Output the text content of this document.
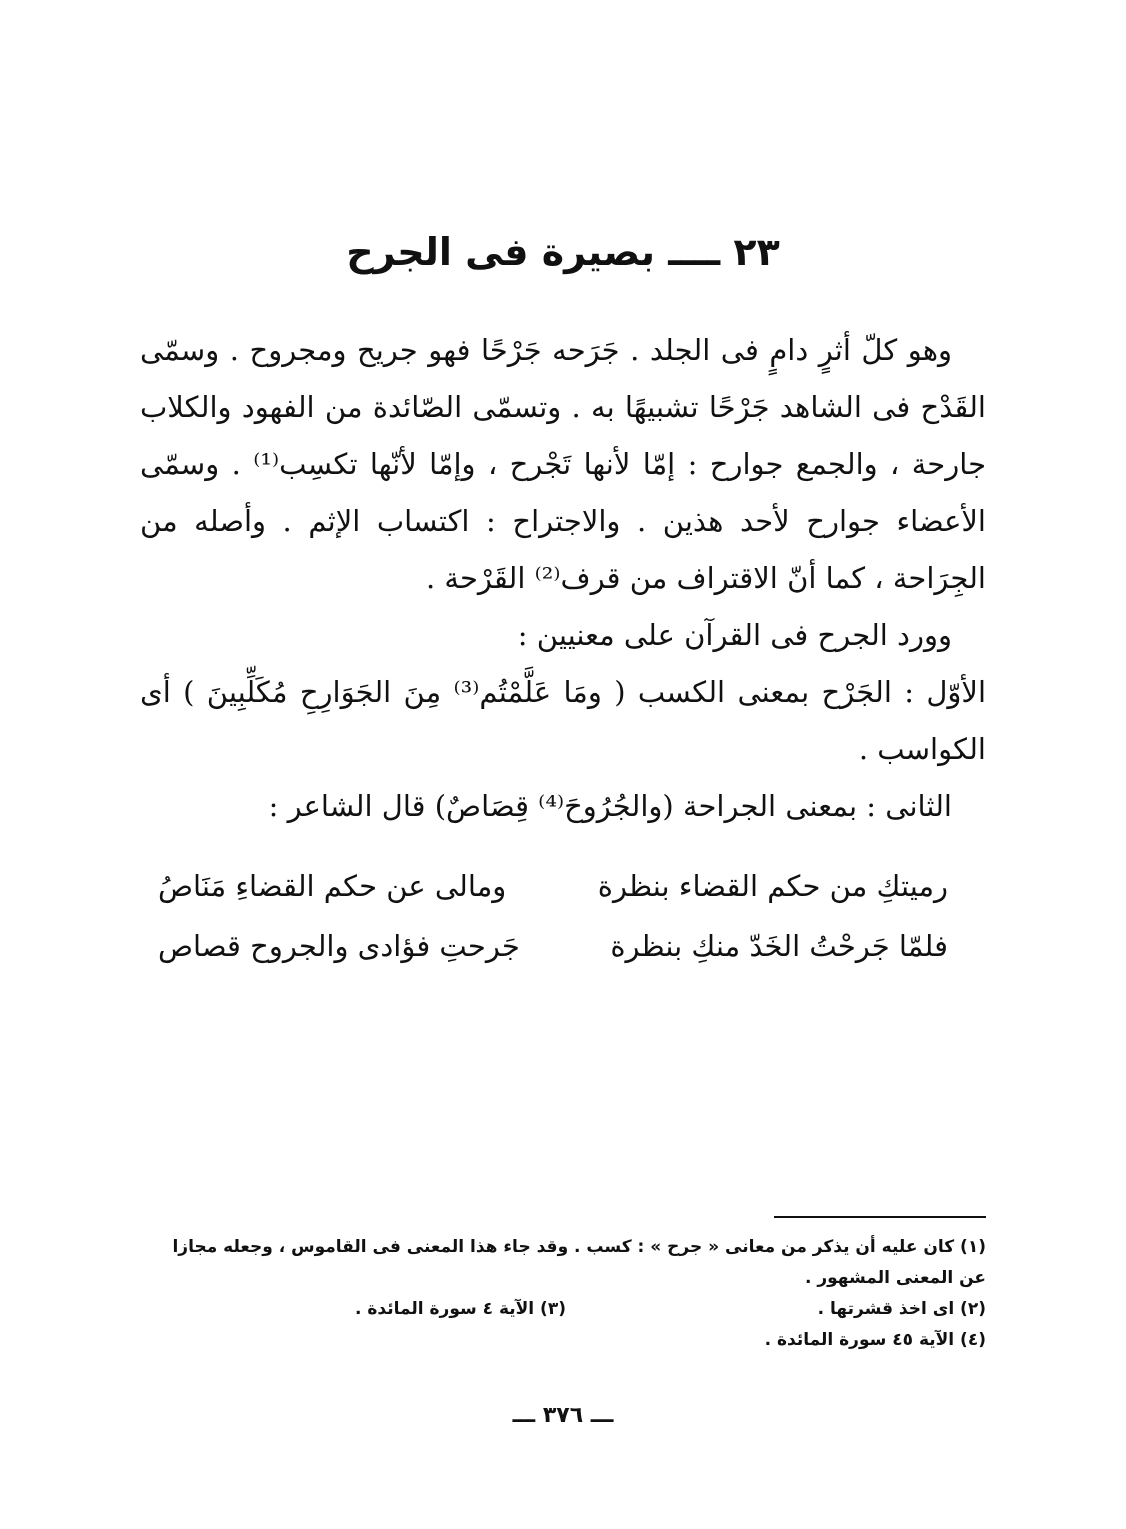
٢٣ ــــ بصيرة فى الجرح

وهو كلّ أثرٍ دامٍ فى الجلد . جَرَحه جَرْحًا فهو جريح ومجروح . وسمّى القَدْح فى الشاهد جَرْحًا تشبيهًا به . وتسمّى الصّائدة من الفهود والكلاب جارحة ، والجمع جوارح : إمّا لأنها تَجْرح ، وإمّا لأنّها تكسِب⁽¹⁾ . وسمّى الأعضاء جوارح لأحد هذين . والاجتراح : اكتساب الإثم . وأصله من الجِرَاحة ، كما أنّ الاقتراف من قرف⁽²⁾ القَرْحة .

وورد الجرح فى القرآن على معنيين :

الأوّل : الجَرْح بمعنى الكسب ( ومَا عَلَّمْتُم⁽³⁾ مِنَ الجَوَارِحِ مُكَلِّبِينَ ) أى الكواسب .

الثانى : بمعنى الجراحة (والجُرُوحَ⁽⁴⁾ قِصَاصٌ) قال الشاعر :

رميتكِ من حكم القضاء بنظرة
ومالى عن حكم القضاءِ مَنَاصُ
فلمّا جَرحْتُ الخَدّ منكِ بنظرة
جَرحتِ فؤادى والجروح قصاص

(١) كان عليه أن يذكر من معانى « جرح » : كسب . وقد جاء هذا المعنى فى القاموس ، وجعله مجازا عن المعنى المشهور .

(٢) اى اخذ قشرتها .
(٣) الآية ٤ سورة المائدة .

(٤) الآية ٤٥ سورة المائدة .

ـــ ٣٧٦ ـــ
